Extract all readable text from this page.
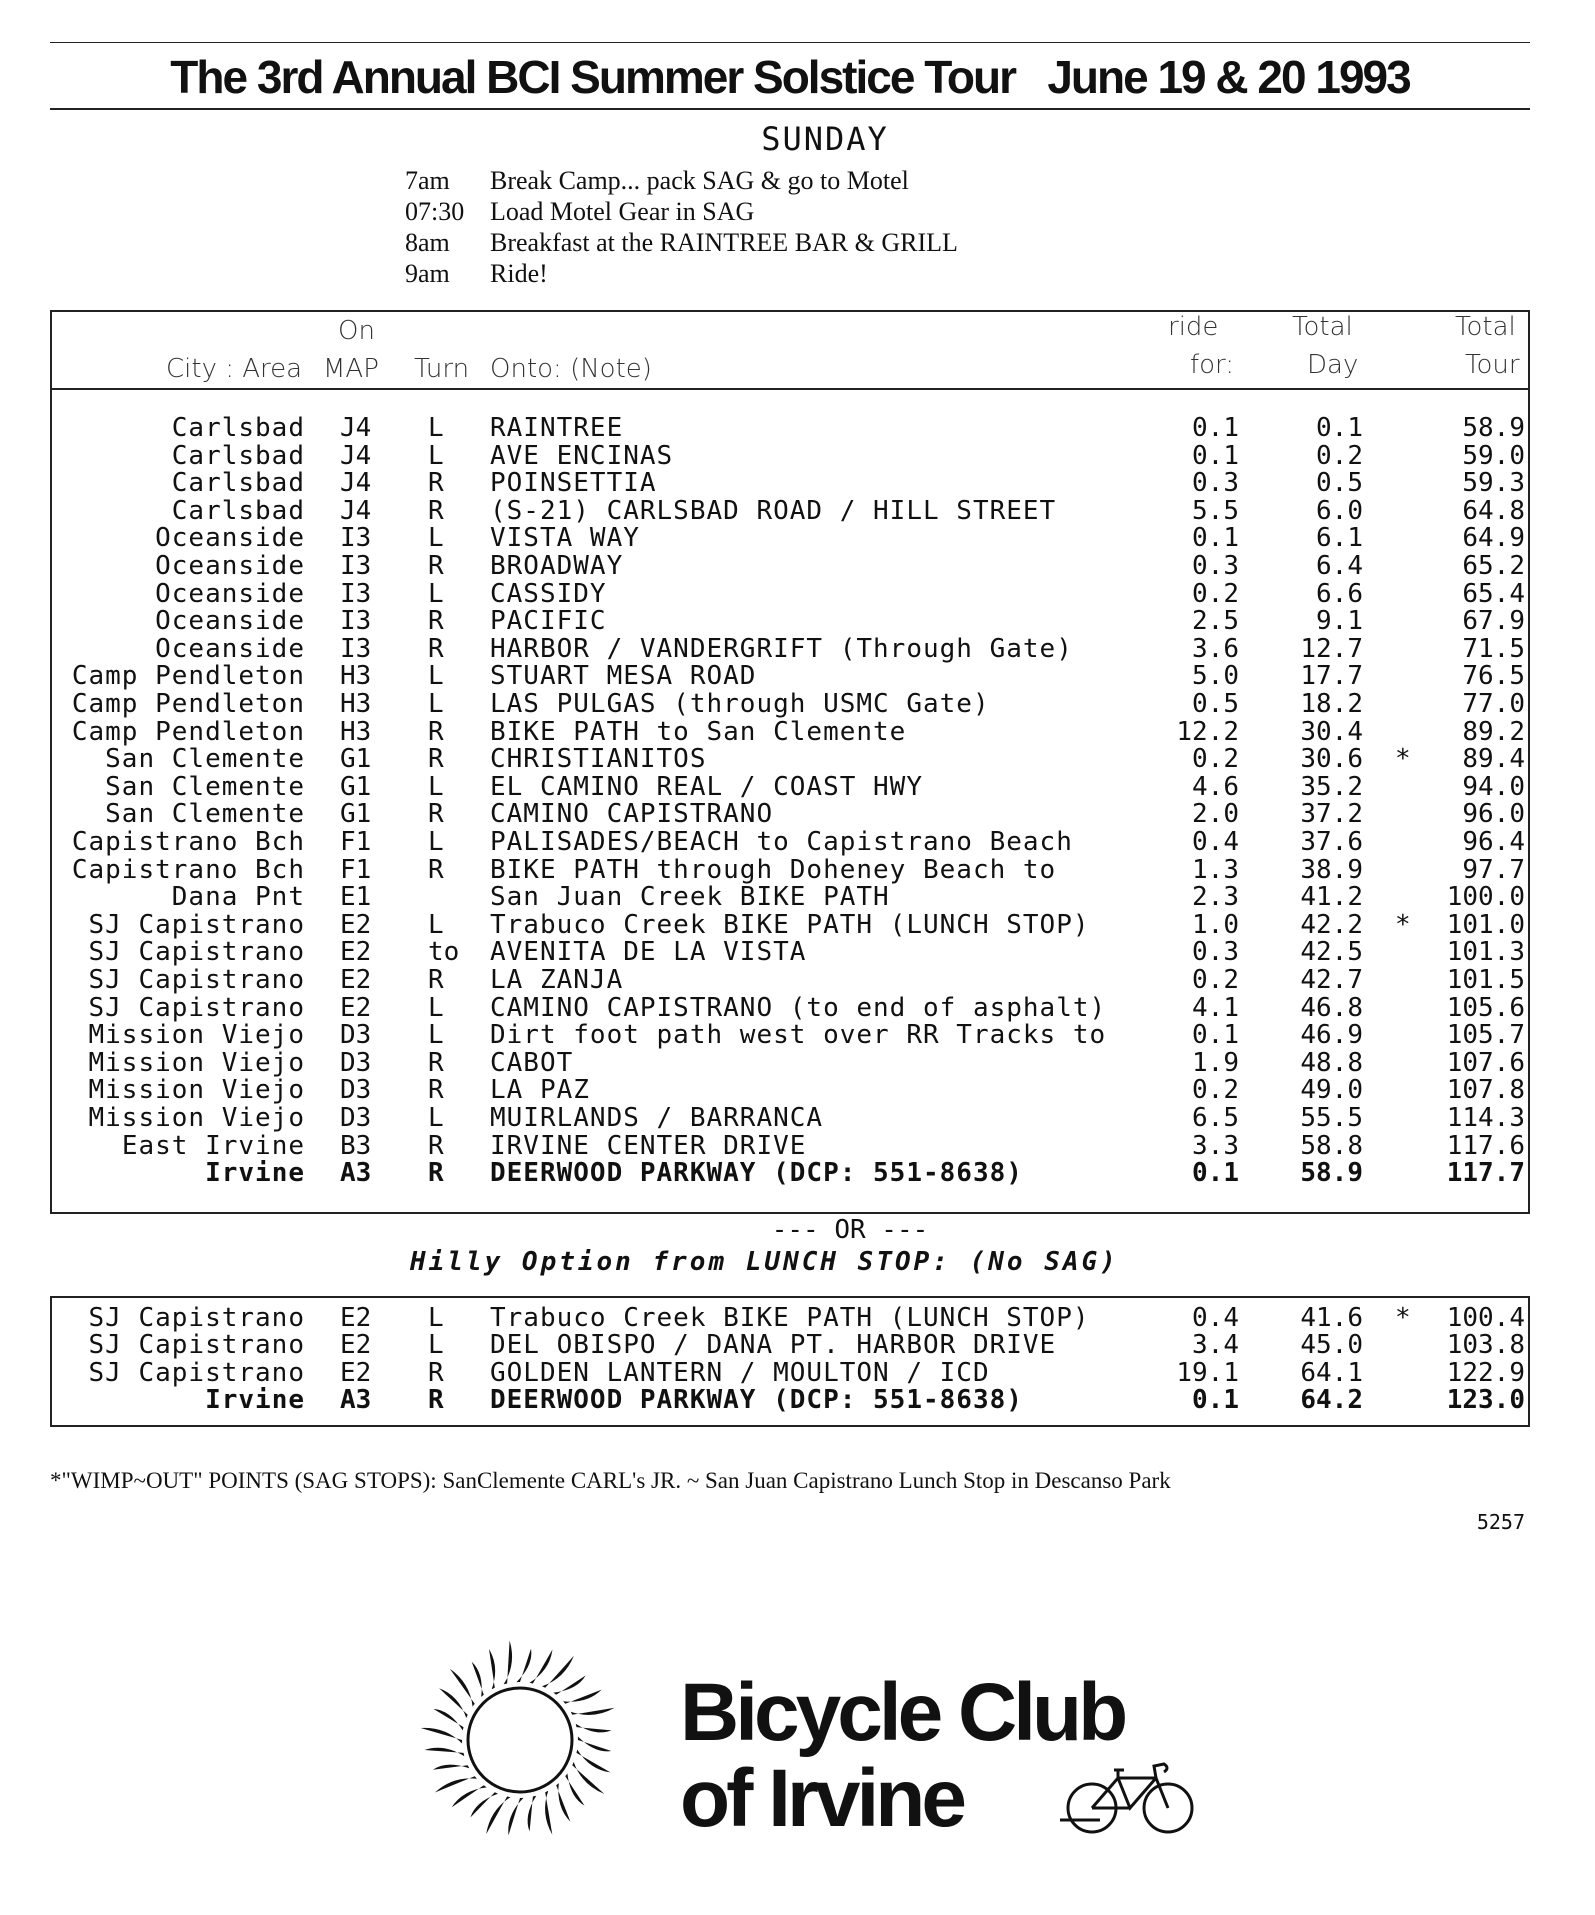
The 3rd Annual BCI Summer Solstice Tour   June 19 & 20 1993
SUNDAY
7am	Break Camp... pack SAG & go to Motel
07:30 Load Motel Gear in SAG
8am	Breakfast at the RAINTREE BAR & GRILL
9am	Ride!
On	ride	Total	Total
City : Area MAP Turn Onto: (Note)	for:	Day	Tour
Carlsbad J4	L	RAINTREE	0.1	0.1	58.9
Carlsbad J4	L	AVE ENCINAS	0.1	0.2	59.0
Carlsbad J4	R	POINSETTIA	0.3	0.5	59.3
Carlsbad J4	R	(S-21) CARLSBAD ROAD / HILL STREET	5.5	6.0	64.8
Oceanside I3	L	VISTA WAY	0.1	6.1	64.9
Oceanside I3	R	BROADWAY	0.3	6.4	65.2
Oceanside I3	L	CASSIDY	0.2	6.6	65.4
Oceanside I3	R	PACIFIC	2.5	9.1	67.9
Oceanside I3	R	HARBOR / VANDERGRIFT (Through Gate)	3.6 12.7	71.5
Camp Pendleton H3	L	STUART MESA ROAD	5.0 17.7	76.5
Camp Pendleton H3	L	LAS PULGAS (through USMC Gate)	0.5 18.2	77.0
Camp Pendleton H3	R	BIKE PATH to San Clemente	12.2 30.4	89.2
San Clemente G1	R	CHRISTIANITOS	0.2 30.6 * 89.4
San Clemente G1	L	EL CAMINO REAL / COAST HWY	4.6 35.2	94.0
San Clemente G1	R	CAMINO CAPISTRANO	2.0 37.2	96.0
Capistrano Bch F1	L	PALISADES/BEACH to Capistrano Beach	0.4 37.6	96.4
Capistrano Bch F1	R	BIKE PATH through Doheney Beach to	1.3 38.9	97.7
Dana Pnt E1	San Juan Creek BIKE PATH	2.3 41.2	100.0
SJ Capistrano E2	L	Trabuco Creek BIKE PATH (LUNCH STOP)	1.0 42.2 * 101.0
SJ Capistrano E2	to	AVENITA DE LA VISTA	0.3 42.5	101.3
SJ Capistrano E2	R	LA ZANJA	0.2 42.7	101.5
SJ Capistrano E2	L	CAMINO CAPISTRANO (to end of asphalt)	4.1 46.8	105.6
Mission Viejo D3	L	Dirt foot path west over RR Tracks to	0.1 46.9	105.7
Mission Viejo D3	R	CABOT	1.9 48.8	107.6
Mission Viejo D3	R	LA PAZ	0.2 49.0	107.8
Mission Viejo D3	L	MUIRLANDS / BARRANCA	6.5 55.5	114.3
East Irvine B3	R	IRVINE CENTER DRIVE	3.3 58.8	117.6
Irvine A3	R	DEERWOOD PARKWAY (DCP: 551-8638)	0.1 58.9	117.7
--- OR ---
Hilly Option from LUNCH STOP: (No SAG)
SJ Capistrano E2	L	Trabuco Creek BIKE PATH (LUNCH STOP)	0.4 41.6 * 100.4
SJ Capistrano E2	L	DEL OBISPO / DANA PT. HARBOR DRIVE	3.4 45.0	103.8
SJ Capistrano E2	R	GOLDEN LANTERN / MOULTON / ICD	19.1 64.1	122.9
Irvine A3	R	DEERWOOD PARKWAY (DCP: 551-8638)	0.1 64.2	123.0
*"WIMP~OUT" POINTS (SAG STOPS): SanClemente CARL's JR. ~ San Juan Capistrano Lunch Stop in Descanso Park
5257
Bicycle Club
of Irvine
